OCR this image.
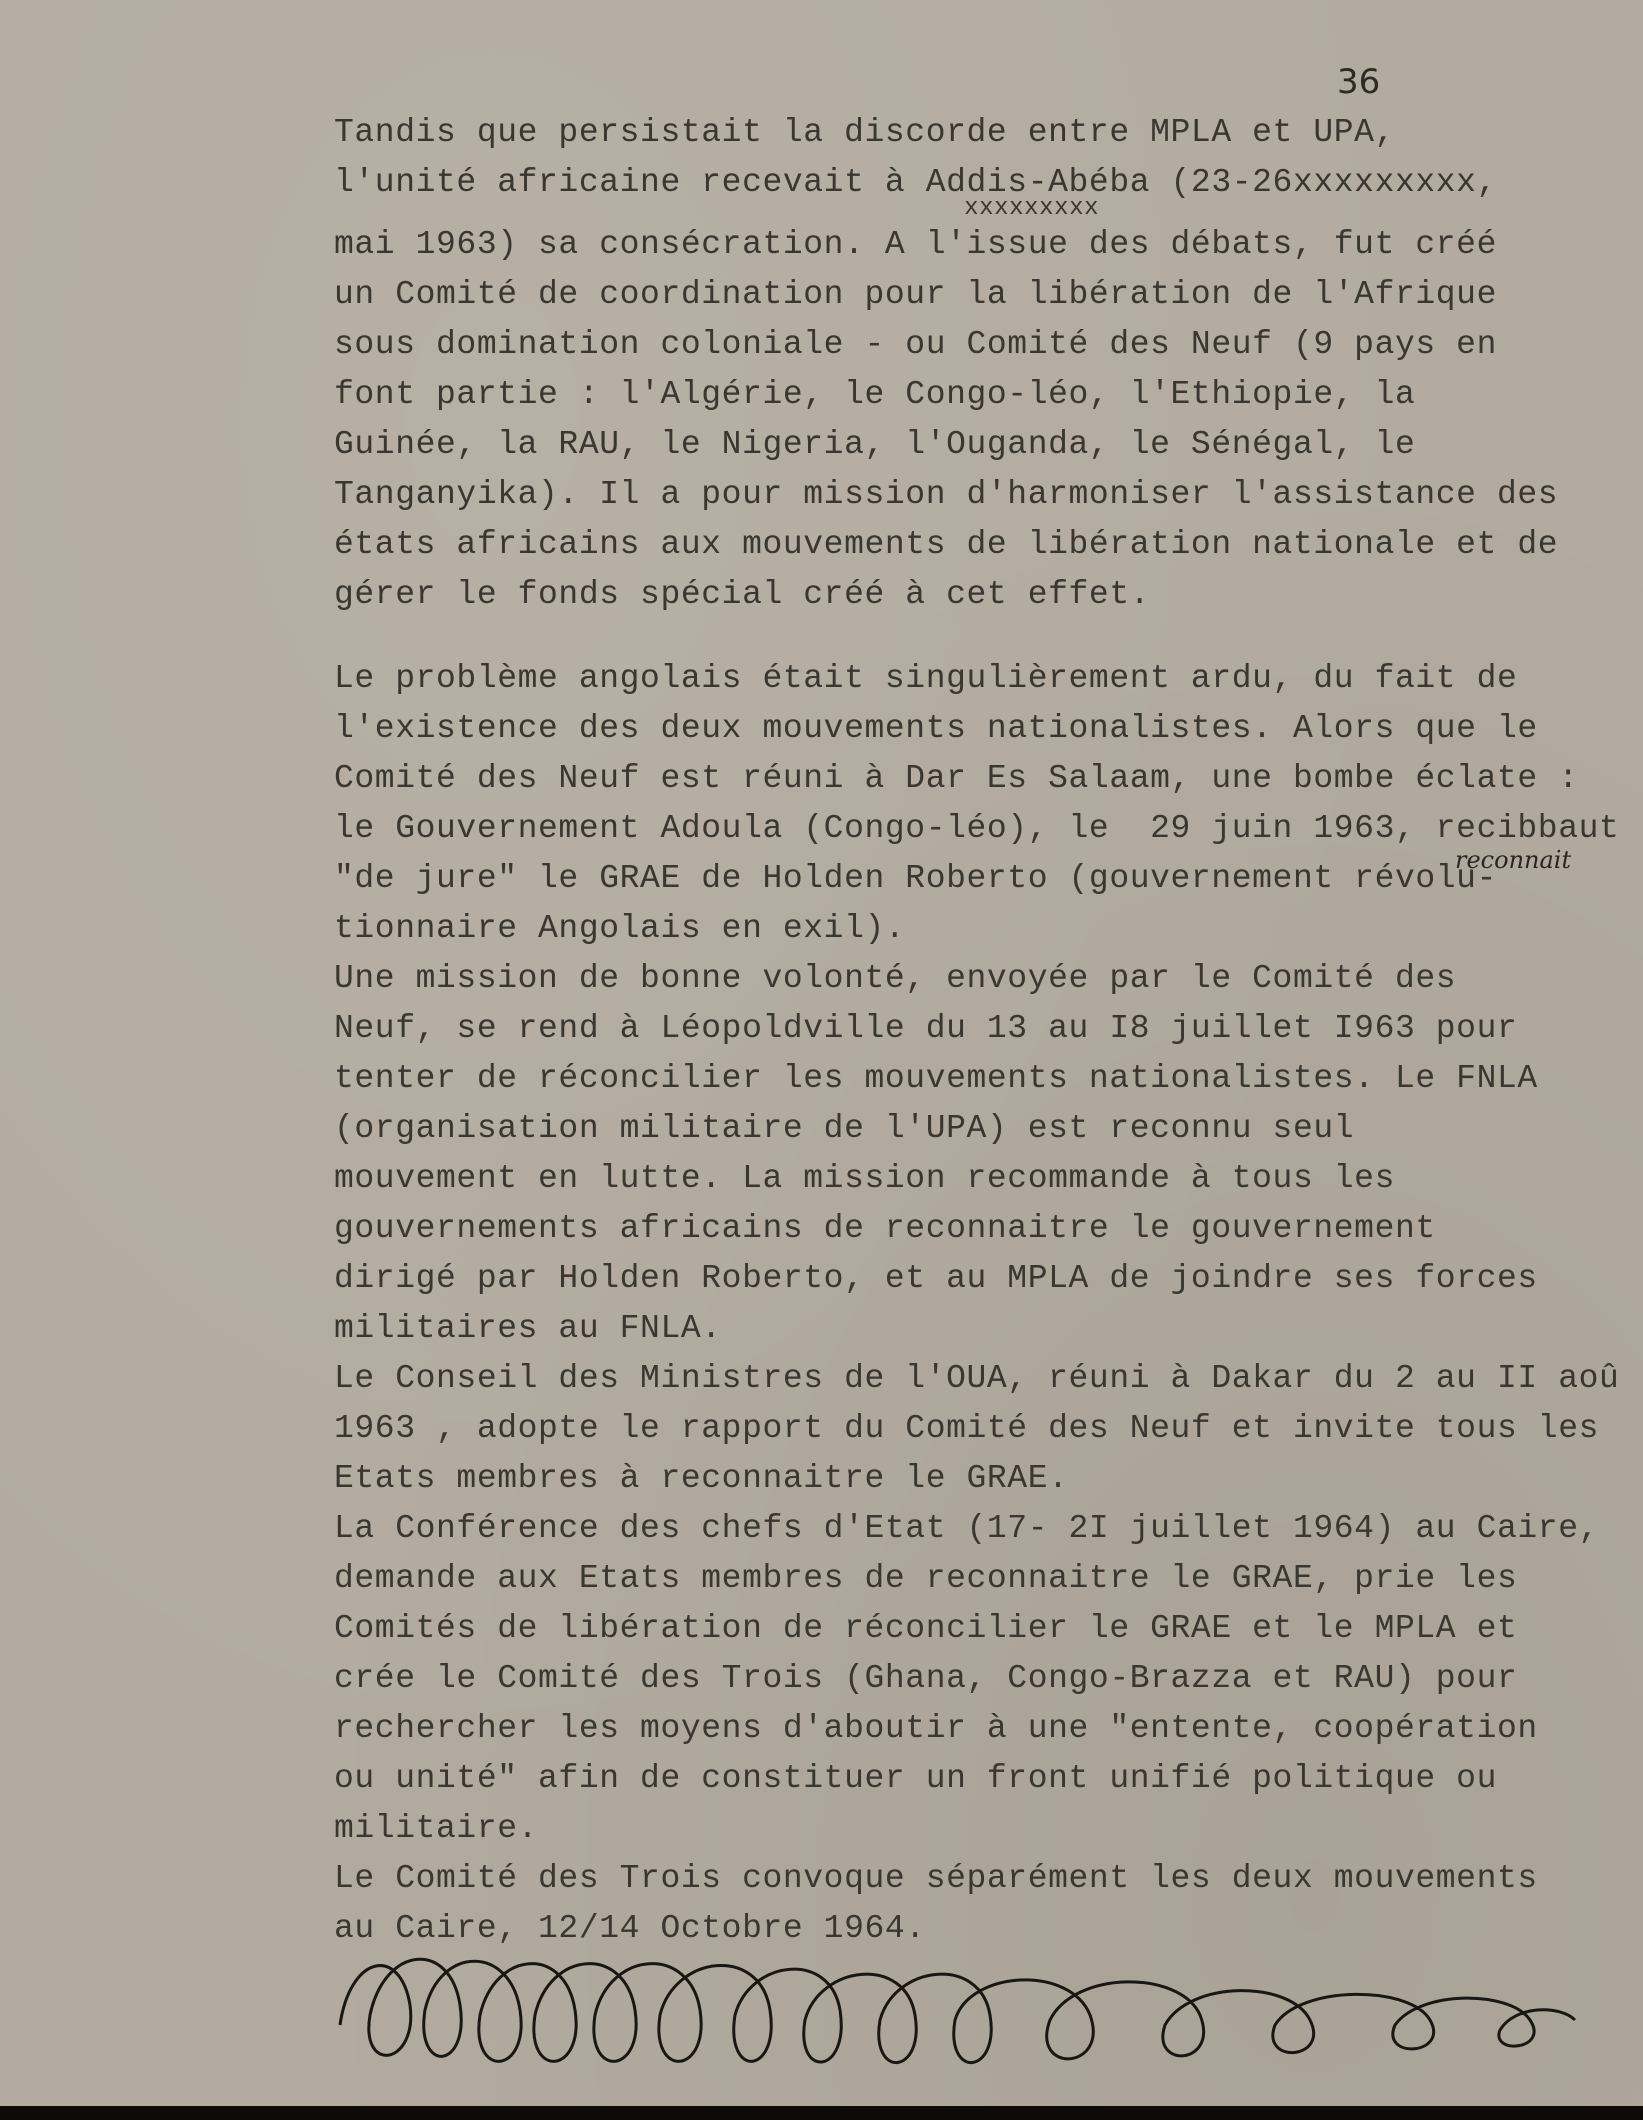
36
reconnait
Tandis que persistait la discorde entre MPLA et UPA,
l'unité africaine recevait à Addis-Abéba (23-26xxxxxxxxx,
xxxxxxxxx
mai 1963) sa consécration. A l'issue des débats, fut créé
un Comité de coordination pour la libération de l'Afrique
sous domination coloniale - ou Comité des Neuf (9 pays en
font partie : l'Algérie, le Congo-léo, l'Ethiopie, la
Guinée, la RAU, le Nigeria, l'Ouganda, le Sénégal, le
Tanganyika). Il a pour mission d'harmoniser l'assistance des
états africains aux mouvements de libération nationale et de
gérer le fonds spécial créé à cet effet.
Le problème angolais était singulièrement ardu, du fait de
l'existence des deux mouvements nationalistes. Alors que le
Comité des Neuf est réuni à Dar Es Salaam, une bombe éclate :
le Gouvernement Adoula (Congo-léo), le  29 juin 1963, recibbaut
"de jure" le GRAE de Holden Roberto (gouvernement révolu-
tionnaire Angolais en exil).
Une mission de bonne volonté, envoyée par le Comité des
Neuf, se rend à Léopoldville du 13 au I8 juillet I963 pour
tenter de réconcilier les mouvements nationalistes. Le FNLA
(organisation militaire de l'UPA) est reconnu seul
mouvement en lutte. La mission recommande à tous les
gouvernements africains de reconnaitre le gouvernement
dirigé par Holden Roberto, et au MPLA de joindre ses forces
militaires au FNLA.
Le Conseil des Ministres de l'OUA, réuni à Dakar du 2 au II aoû
1963 , adopte le rapport du Comité des Neuf et invite tous les
Etats membres à reconnaitre le GRAE.
La Conférence des chefs d'Etat (17- 2I juillet 1964) au Caire,
demande aux Etats membres de reconnaitre le GRAE, prie les
Comités de libération de réconcilier le GRAE et le MPLA et
crée le Comité des Trois (Ghana, Congo-Brazza et RAU) pour
rechercher les moyens d'aboutir à une "entente, coopération
ou unité" afin de constituer un front unifié politique ou
militaire.
Le Comité des Trois convoque séparément les deux mouvements
au Caire, 12/14 Octobre 1964.
